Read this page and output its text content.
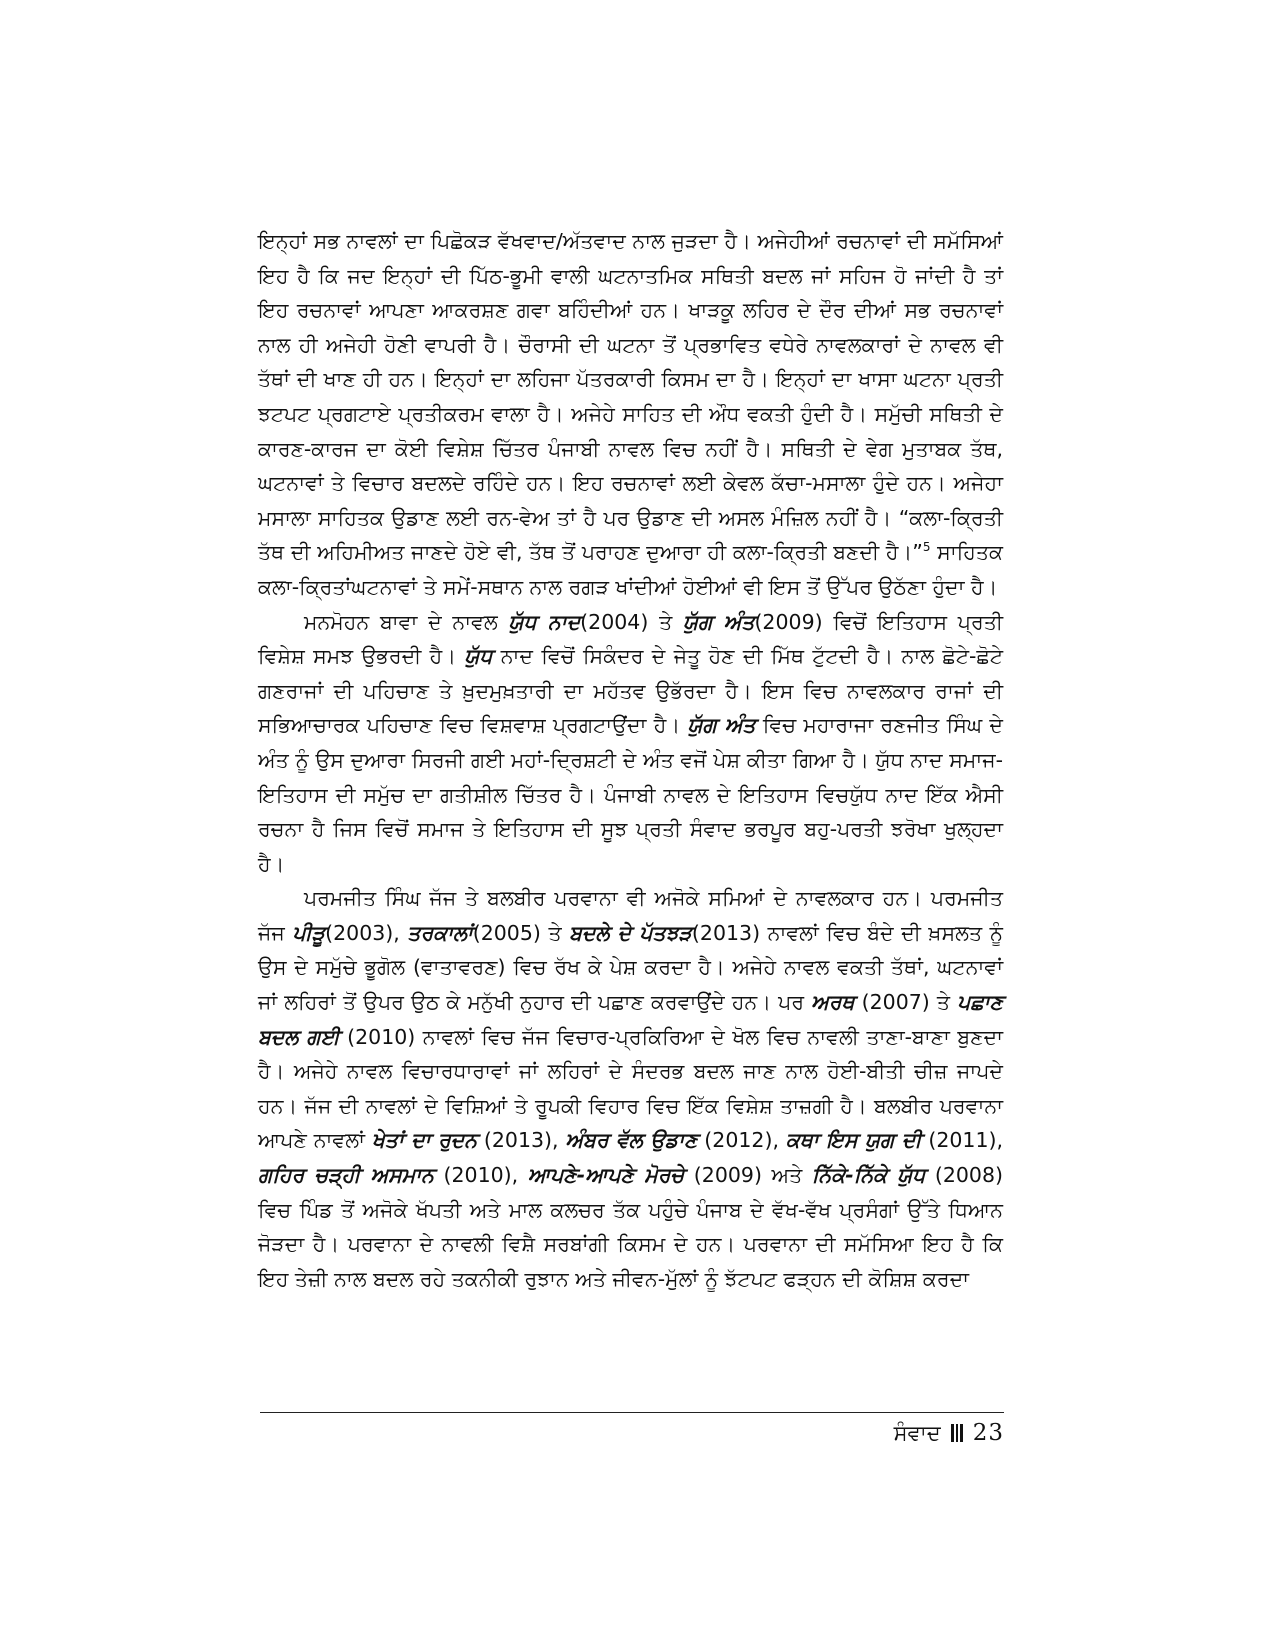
ਇਨ੍ਹਾਂ ਸਭ ਨਾਵਲਾਂ ਦਾ ਪਿਛੋਕੜ ਵੱਖਵਾਦ/ਅੱਤਵਾਦ ਨਾਲ ਜੁੜਦਾ ਹੈ। ਅਜੇਹੀਆਂ ਰਚਨਾਵਾਂ ਦੀ ਸਮੱਸਿਆਂ ਇਹ ਹੈ ਕਿ ਜਦ ਇਨ੍ਹਾਂ ਦੀ ਪਿੱਠ-ਭੂਮੀ ਵਾਲੀ ਘਟਨਾਤਮਿਕ ਸਥਿਤੀ ਬਦਲ ਜਾਂ ਸਹਿਜ ਹੋ ਜਾਂਦੀ ਹੈ ਤਾਂ ਇਹ ਰਚਨਾਵਾਂ ਆਪਣਾ ਆਕਰਸ਼ਣ ਗਵਾ ਬਹਿੰਦੀਆਂ ਹਨ। ਖਾੜਕੂ ਲਹਿਰ ਦੇ ਦੌਰ ਦੀਆਂ ਸਭ ਰਚਨਾਵਾਂ ਨਾਲ ਹੀ ਅਜੇਹੀ ਹੋਣੀ ਵਾਪਰੀ ਹੈ। ਚੌਰਾਸੀ ਦੀ ਘਟਨਾ ਤੋਂ ਪ੍ਰਭਾਵਿਤ ਵਧੇਰੇ ਨਾਵਲਕਾਰਾਂ ਦੇ ਨਾਵਲ ਵੀ ਤੱਥਾਂ ਦੀ ਖਾਣ ਹੀ ਹਨ। ਇਨ੍ਹਾਂ ਦਾ ਲਹਿਜਾ ਪੱਤਰਕਾਰੀ ਕਿਸਮ ਦਾ ਹੈ। ਇਨ੍ਹਾਂ ਦਾ ਖਾਸਾ ਘਟਨਾ ਪ੍ਰਤੀ ਝਟਪਟ ਪ੍ਰਗਟਾਏ ਪ੍ਰਤੀਕਰਮ ਵਾਲਾ ਹੈ। ਅਜੇਹੇ ਸਾਹਿਤ ਦੀ ਔਧ ਵਕਤੀ ਹੁੰਦੀ ਹੈ। ਸਮੁੱਚੀ ਸਥਿਤੀ ਦੇ ਕਾਰਣ-ਕਾਰਜ ਦਾ ਕੋਈ ਵਿਸ਼ੇਸ਼ ਚਿੱਤਰ ਪੰਜਾਬੀ ਨਾਵਲ ਵਿਚ ਨਹੀਂ ਹੈ। ਸਥਿਤੀ ਦੇ ਵੇਗ ਮੁਤਾਬਕ ਤੱਥ, ਘਟਨਾਵਾਂ ਤੇ ਵਿਚਾਰ ਬਦਲਦੇ ਰਹਿੰਦੇ ਹਨ। ਇਹ ਰਚਨਾਵਾਂ ਲਈ ਕੇਵਲ ਕੱਚਾ-ਮਸਾਲਾ ਹੁੰਦੇ ਹਨ। ਅਜੇਹਾ ਮਸਾਲਾ ਸਾਹਿਤਕ ਉਡਾਣ ਲਈ ਰਨ-ਵੇਅ ਤਾਂ ਹੈ ਪਰ ਉਡਾਣ ਦੀ ਅਸਲ ਮੰਜ਼ਿਲ ਨਹੀਂ ਹੈ। “ਕਲਾ-ਕ੍ਰਿਤੀ ਤੱਥ ਦੀ ਅਹਿਮੀਅਤ ਜਾਣਦੇ ਹੋਏ ਵੀ, ਤੱਥ ਤੋਂ ਪਰਾਹਣ ਦੁਆਰਾ ਹੀ ਕਲਾ-ਕ੍ਰਿਤੀ ਬਣਦੀ ਹੈ।”$^5$ ਸਾਹਿਤਕ ਕਲਾ-ਕ੍ਰਿਤਾਂਘਟਨਾਵਾਂ ਤੇ ਸਮੇਂ-ਸਥਾਨ ਨਾਲ ਰਗੜ ਖਾਂਦੀਆਂ ਹੋਈਆਂ ਵੀ ਇਸ ਤੋਂ ਉੱਪਰ ਉਠੱਣਾ ਹੁੰਦਾ ਹੈ।

ਮਨਮੋਹਨ ਬਾਵਾ ਦੇ ਨਾਵਲ ਯੁੱਧ ਨਾਦ(2004) ਤੇ ਯੁੱਗ ਅੰਤ(2009) ਵਿਚੋਂ ਇਤਿਹਾਸ ਪ੍ਰਤੀ ਵਿਸ਼ੇਸ਼ ਸਮਝ ਉਭਰਦੀ ਹੈ। ਯੁੱਧ ਨਾਦ ਵਿਚੋਂ ਸਿਕੰਦਰ ਦੇ ਜੇਤੂ ਹੋਣ ਦੀ ਮਿੱਥ ਟੁੱਟਦੀ ਹੈ। ਨਾਲ ਛੋਟੇ-ਛੋਟੇ ਗਣਰਾਜਾਂ ਦੀ ਪਹਿਚਾਣ ਤੇ ਖ਼ੁਦਮੁਖ਼ਤਾਰੀ ਦਾ ਮਹੱਤਵ ਉਭੱਰਦਾ ਹੈ। ਇਸ ਵਿਚ ਨਾਵਲਕਾਰ ਰਾਜਾਂ ਦੀ ਸਭਿਆਚਾਰਕ ਪਹਿਚਾਣ ਵਿਚ ਵਿਸ਼ਵਾਸ਼ ਪ੍ਰਗਟਾਉਂਦਾ ਹੈ। ਯੁੱਗ ਅੰਤ ਵਿਚ ਮਹਾਰਾਜਾ ਰਣਜੀਤ ਸਿੰਘ ਦੇ ਅੰਤ ਨੂੰ ਉਸ ਦੁਆਰਾ ਸਿਰਜੀ ਗਈ ਮਹਾਂ-ਦ੍ਰਿਸ਼ਟੀ ਦੇ ਅੰਤ ਵਜੋਂ ਪੇਸ਼ ਕੀਤਾ ਗਿਆ ਹੈ। ਯੁੱਧ ਨਾਦ ਸਮਾਜ-ਇਤਿਹਾਸ ਦੀ ਸਮੁੱਚ ਦਾ ਗਤੀਸ਼ੀਲ ਚਿੱਤਰ ਹੈ। ਪੰਜਾਬੀ ਨਾਵਲ ਦੇ ਇਤਿਹਾਸ ਵਿਚਯੁੱਧ ਨਾਦ ਇੱਕ ਐਸੀ ਰਚਨਾ ਹੈ ਜਿਸ ਵਿਚੋਂ ਸਮਾਜ ਤੇ ਇਤਿਹਾਸ ਦੀ ਸੂਝ ਪ੍ਰਤੀ ਸੰਵਾਦ ਭਰਪੂਰ ਬਹੁ-ਪਰਤੀ ਝਰੋਖਾ ਖੁਲ੍ਹਦਾ ਹੈ।

ਪਰਮਜੀਤ ਸਿੰਘ ਜੱਜ ਤੇ ਬਲਬੀਰ ਪਰਵਾਨਾ ਵੀ ਅਜੋਕੇ ਸਮਿਆਂ ਦੇ ਨਾਵਲਕਾਰ ਹਨ। ਪਰਮਜੀਤ ਜੱਜ ਪੀੜੂ(2003), ਤਰਕਾਲਾਂ(2005) ਤੇ ਬਦਲੇ ਦੇ ਪੱਤਝੜ(2013) ਨਾਵਲਾਂ ਵਿਚ ਬੰਦੇ ਦੀ ਖ਼ਸਲਤ ਨੂੰ ਉਸ ਦੇ ਸਮੁੱਚੇ ਭੂਗੋਲ (ਵਾਤਾਵਰਣ) ਵਿਚ ਰੱਖ ਕੇ ਪੇਸ਼ ਕਰਦਾ ਹੈ। ਅਜੇਹੇ ਨਾਵਲ ਵਕਤੀ ਤੱਥਾਂ, ਘਟਨਾਵਾਂ ਜਾਂ ਲਹਿਰਾਂ ਤੋਂ ਉਪਰ ਉਠ ਕੇ ਮਨੁੱਖੀ ਨੁਹਾਰ ਦੀ ਪਛਾਣ ਕਰਵਾਉਂਦੇ ਹਨ। ਪਰ ਅਰਥ (2007) ਤੇ ਪਛਾਣ ਬਦਲ ਗਈ (2010) ਨਾਵਲਾਂ ਵਿਚ ਜੱਜ ਵਿਚਾਰ-ਪ੍ਰਕਿਰਿਆ ਦੇ ਖੋਲ ਵਿਚ ਨਾਵਲੀ ਤਾਣਾ-ਬਾਣਾ ਬੁਣਦਾ ਹੈ। ਅਜੇਹੇ ਨਾਵਲ ਵਿਚਾਰਧਾਰਾਵਾਂ ਜਾਂ ਲਹਿਰਾਂ ਦੇ ਸੰਦਰਭ ਬਦਲ ਜਾਣ ਨਾਲ ਹੋਈ-ਬੀਤੀ ਚੀਜ਼ ਜਾਪਦੇ ਹਨ। ਜੱਜ ਦੀ ਨਾਵਲਾਂ ਦੇ ਵਿਸ਼ਿਆਂ ਤੇ ਰੂਪਕੀ ਵਿਹਾਰ ਵਿਚ ਇੱਕ ਵਿਸ਼ੇਸ਼ ਤਾਜ਼ਗੀ ਹੈ। ਬਲਬੀਰ ਪਰਵਾਨਾ ਆਪਣੇ ਨਾਵਲਾਂ ਖੇਤਾਂ ਦਾ ਰੁਦਨ (2013), ਅੰਬਰ ਵੱਲ ਉਡਾਣ (2012), ਕਥਾ ਇਸ ਯੁਗ ਦੀ (2011), ਗਹਿਰ ਚੜ੍ਹੀ ਅਸਮਾਨ (2010), ਆਪਣੇ-ਆਪਣੇ ਮੋਰਚੇ (2009) ਅਤੇ ਨਿੱਕੇ-ਨਿੱਕੇ ਯੁੱਧ (2008) ਵਿਚ ਪਿੰਡ ਤੋਂ ਅਜੋਕੇ ਖੱਪਤੀ ਅਤੇ ਮਾਲ ਕਲਚਰ ਤੱਕ ਪਹੁੰਚੇ ਪੰਜਾਬ ਦੇ ਵੱਖ-ਵੱਖ ਪ੍ਰਸੰਗਾਂ ਉੱਤੇ ਧਿਆਨ ਜੋੜਦਾ ਹੈ। ਪਰਵਾਨਾ ਦੇ ਨਾਵਲੀ ਵਿਸ਼ੈ ਸਰਬਾਂਗੀ ਕਿਸਮ ਦੇ ਹਨ। ਪਰਵਾਨਾ ਦੀ ਸਮੱਸਿਆ ਇਹ ਹੈ ਕਿ ਇਹ ਤੇਜ਼ੀ ਨਾਲ ਬਦਲ ਰਹੇ ਤਕਨੀਕੀ ਰੁਝਾਨ ਅਤੇ ਜੀਵਨ-ਮੁੱਲਾਂ ਨੂੰ ਝੱਟਪਟ ਫੜ੍ਹਨ ਦੀ ਕੋਸ਼ਿਸ਼ ਕਰਦਾ

ਸੰਵਾਦ 23
